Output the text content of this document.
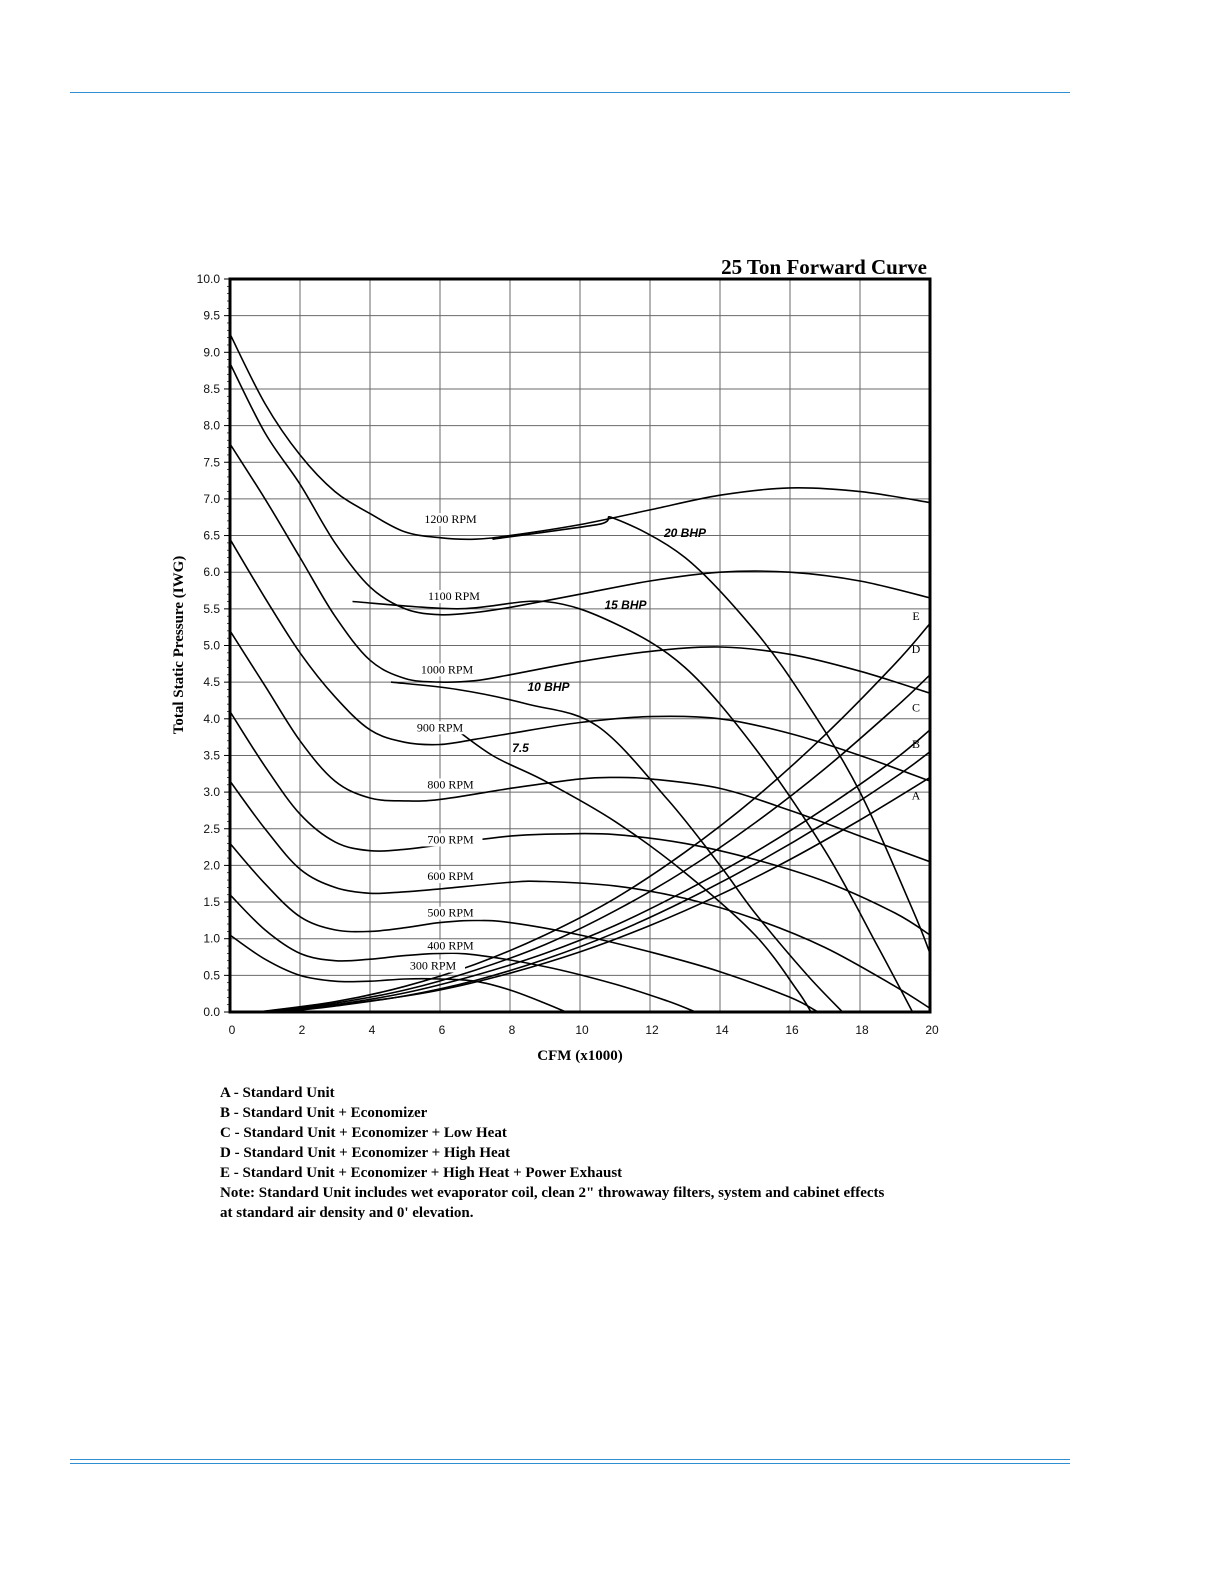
0	2	4	6	8	10	12	14	16	18	20
0.0
0.5
1.0
1.5
2.0
2.5
3.0
3.5
4.0
4.5
5.0
5.5
6.0
6.5
7.0
7.5
8.0
8.5
9.0
9.5
10.0
1200 RPM
1100 RPM
1000 RPM
900 RPM
800 RPM
700 RPM
600 RPM
500 RPM
400 RPM
300 RPM
7.5
10 BHP
15 BHP
20 BHP
A
B
C
D
E
25 Ton Forward Curve
CFM (x1000)
Total Static Pressure (IWG)
A - Standard Unit
B - Standard Unit + Economizer
C - Standard Unit + Economizer + Low Heat
D - Standard Unit + Economizer + High Heat
E - Standard Unit + Economizer + High Heat + Power Exhaust
Note: Standard Unit includes wet evaporator coil, clean 2" throwaway filters, system and cabinet effects at standard air density and 0' elevation.
